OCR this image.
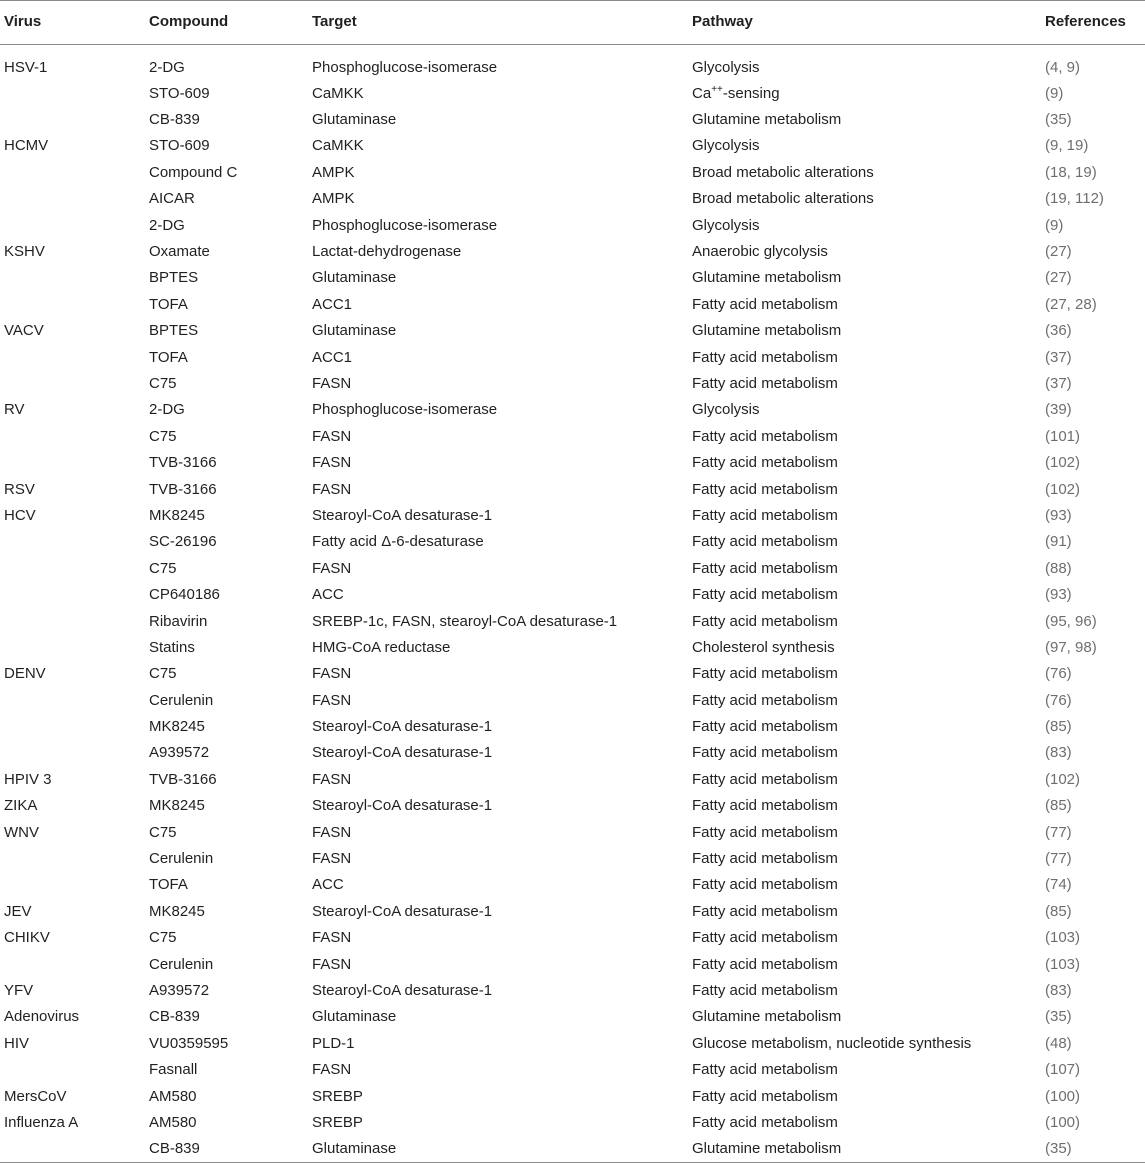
Virus	Compound	Target	Pathway	References
HSV-1	2-DG	Phosphoglucose-isomerase	Glycolysis	(4, 9)
	STO-609	CaMKK	Ca++-sensing	(9)
	CB-839	Glutaminase	Glutamine metabolism	(35)
HCMV	STO-609	CaMKK	Glycolysis	(9, 19)
	Compound C	AMPK	Broad metabolic alterations	(18, 19)
	AICAR	AMPK	Broad metabolic alterations	(19, 112)
	2-DG	Phosphoglucose-isomerase	Glycolysis	(9)
KSHV	Oxamate	Lactat-dehydrogenase	Anaerobic glycolysis	(27)
	BPTES	Glutaminase	Glutamine metabolism	(27)
	TOFA	ACC1	Fatty acid metabolism	(27, 28)
VACV	BPTES	Glutaminase	Glutamine metabolism	(36)
	TOFA	ACC1	Fatty acid metabolism	(37)
	C75	FASN	Fatty acid metabolism	(37)
RV	2-DG	Phosphoglucose-isomerase	Glycolysis	(39)
	C75	FASN	Fatty acid metabolism	(101)
	TVB-3166	FASN	Fatty acid metabolism	(102)
RSV	TVB-3166	FASN	Fatty acid metabolism	(102)
HCV	MK8245	Stearoyl-CoA desaturase-1	Fatty acid metabolism	(93)
	SC-26196	Fatty acid Δ-6-desaturase	Fatty acid metabolism	(91)
	C75	FASN	Fatty acid metabolism	(88)
	CP640186	ACC	Fatty acid metabolism	(93)
	Ribavirin	SREBP-1c, FASN, stearoyl-CoA desaturase-1	Fatty acid metabolism	(95, 96)
	Statins	HMG-CoA reductase	Cholesterol synthesis	(97, 98)
DENV	C75	FASN	Fatty acid metabolism	(76)
	Cerulenin	FASN	Fatty acid metabolism	(76)
	MK8245	Stearoyl-CoA desaturase-1	Fatty acid metabolism	(85)
	A939572	Stearoyl-CoA desaturase-1	Fatty acid metabolism	(83)
HPIV 3	TVB-3166	FASN	Fatty acid metabolism	(102)
ZIKA	MK8245	Stearoyl-CoA desaturase-1	Fatty acid metabolism	(85)
WNV	C75	FASN	Fatty acid metabolism	(77)
	Cerulenin	FASN	Fatty acid metabolism	(77)
	TOFA	ACC	Fatty acid metabolism	(74)
JEV	MK8245	Stearoyl-CoA desaturase-1	Fatty acid metabolism	(85)
CHIKV	C75	FASN	Fatty acid metabolism	(103)
	Cerulenin	FASN	Fatty acid metabolism	(103)
YFV	A939572	Stearoyl-CoA desaturase-1	Fatty acid metabolism	(83)
Adenovirus	CB-839	Glutaminase	Glutamine metabolism	(35)
HIV	VU0359595	PLD-1	Glucose metabolism, nucleotide synthesis	(48)
	Fasnall	FASN	Fatty acid metabolism	(107)
MersCoV	AM580	SREBP	Fatty acid metabolism	(100)
Influenza A	AM580	SREBP	Fatty acid metabolism	(100)
	CB-839	Glutaminase	Glutamine metabolism	(35)
